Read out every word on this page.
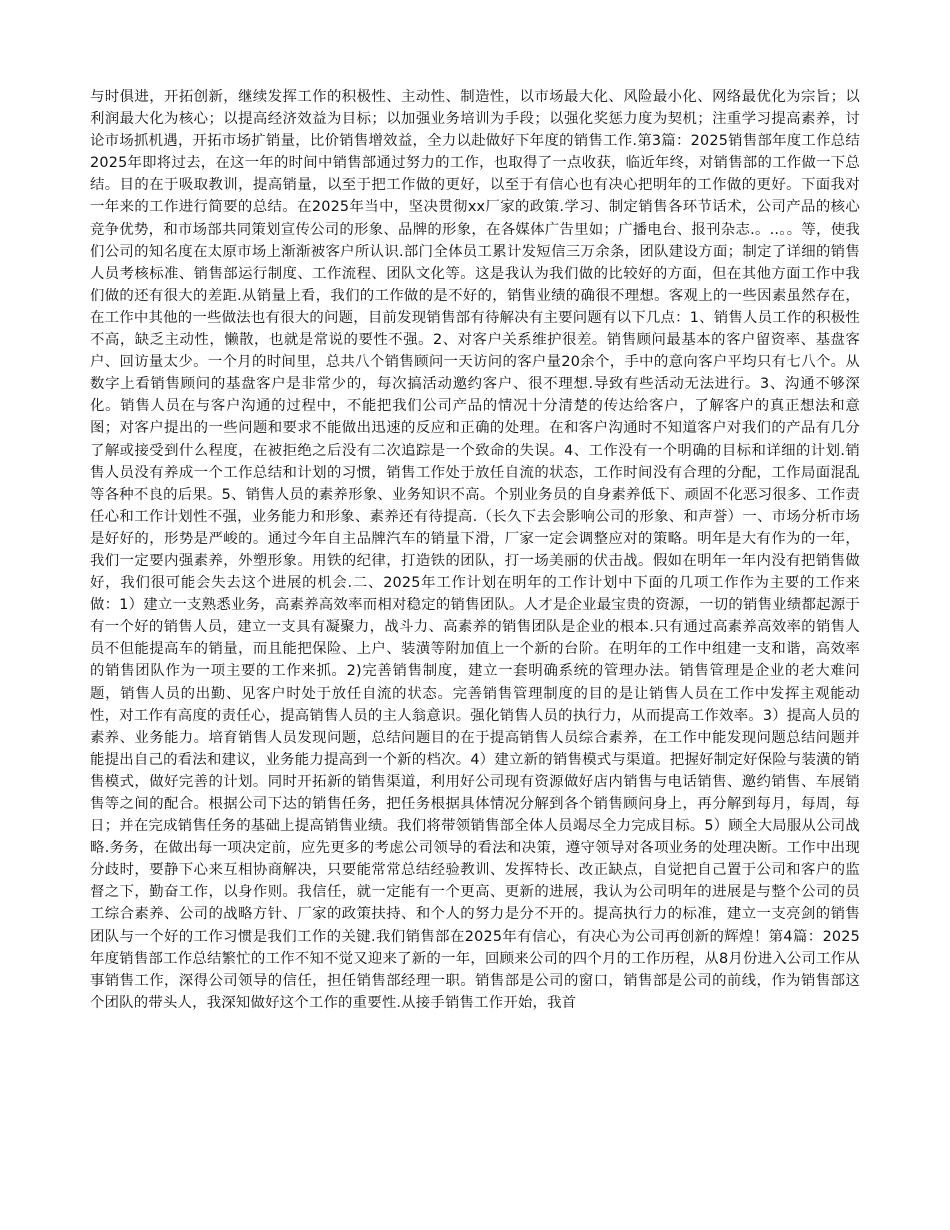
与时俱进，开拓创新，继续发挥工作的积极性、主动性、制造性，以市场最大化、风险最小化、网络最优化为宗旨；以利润最大化为核心；以提高经济效益为目标；以加强业务培训为手段；以强化奖惩力度为契机；注重学习提高素养，讨论市场抓机遇，开拓市场扩销量，比价销售增效益，全力以赴做好下年度的销售工作.第3篇：2025销售部年度工作总结2025年即将过去，在这一年的时间中销售部通过努力的工作，也取得了一点收获，临近年终，对销售部的工作做一下总结。目的在于吸取教训，提高销量，以至于把工作做的更好，以至于有信心也有决心把明年的工作做的更好。下面我对一年来的工作进行简要的总结。在2025年当中，坚决贯彻xx厂家的政策.学习、制定销售各环节话术，公司产品的核心竞争优势，和市场部共同策划宣传公司的形象、品牌的形象，在各媒体广告里如；广播电台、报刊杂志.。..。。等，使我们公司的知名度在太原市场上渐渐被客户所认识.部门全体员工累计发短信三万余条，团队建设方面；制定了详细的销售人员考核标准、销售部运行制度、工作流程、团队文化等。这是我认为我们做的比较好的方面，但在其他方面工作中我们做的还有很大的差距.从销量上看，我们的工作做的是不好的，销售业绩的确很不理想。客观上的一些因素虽然存在，在工作中其他的一些做法也有很大的问题，目前发现销售部有待解决有主要问题有以下几点：1、销售人员工作的积极性不高，缺乏主动性，懒散，也就是常说的要性不强。2、对客户关系维护很差。销售顾问最基本的客户留资率、基盘客户、回访量太少。一个月的时间里，总共八个销售顾问一天访问的客户量20余个，手中的意向客户平均只有七八个。从数字上看销售顾问的基盘客户是非常少的，每次搞活动邀约客户、很不理想.导致有些活动无法进行。3、沟通不够深化。销售人员在与客户沟通的过程中，不能把我们公司产品的情况十分清楚的传达给客户，了解客户的真正想法和意图；对客户提出的一些问题和要求不能做出迅速的反应和正确的处理。在和客户沟通时不知道客户对我们的产品有几分了解或接受到什么程度，在被拒绝之后没有二次追踪是一个致命的失误。4、工作没有一个明确的目标和详细的计划.销售人员没有养成一个工作总结和计划的习惯，销售工作处于放任自流的状态，工作时间没有合理的分配，工作局面混乱等各种不良的后果。5、销售人员的素养形象、业务知识不高。个别业务员的自身素养低下、顽固不化恶习很多、工作责任心和工作计划性不强，业务能力和形象、素养还有待提高.（长久下去会影响公司的形象、和声誉）一、市场分析市场是好好的，形势是严峻的。通过今年自主品牌汽车的销量下滑，厂家一定会调整应对的策略。明年是大有作为的一年，我们一定要内强素养，外塑形象。用铁的纪律，打造铁的团队，打一场美丽的伏击战。假如在明年一年内没有把销售做好，我们很可能会失去这个进展的机会.二、2025年工作计划在明年的工作计划中下面的几项工作作为主要的工作来做：1）建立一支熟悉业务，高素养高效率而相对稳定的销售团队。人才是企业最宝贵的资源，一切的销售业绩都起源于有一个好的销售人员，建立一支具有凝聚力，战斗力、高素养的销售团队是企业的根本.只有通过高素养高效率的销售人员不但能提高车的销量，而且能把保险、上户、装潢等附加值上一个新的台阶。在明年的工作中组建一支和谐，高效率的销售团队作为一项主要的工作来抓。2)完善销售制度，建立一套明确系统的管理办法。销售管理是企业的老大难问题，销售人员的出勤、见客户时处于放任自流的状态。完善销售管理制度的目的是让销售人员在工作中发挥主观能动性，对工作有高度的责任心，提高销售人员的主人翁意识。强化销售人员的执行力，从而提高工作效率。3）提高人员的素养、业务能力。培育销售人员发现问题，总结问题目的在于提高销售人员综合素养，在工作中能发现问题总结问题并能提出自己的看法和建议，业务能力提高到一个新的档次。4）建立新的销售模式与渠道。把握好制定好保险与装潢的销售模式，做好完善的计划。同时开拓新的销售渠道，利用好公司现有资源做好店内销售与电话销售、邀约销售、车展销售等之间的配合。根据公司下达的销售任务，把任务根据具体情况分解到各个销售顾问身上，再分解到每月，每周，每日；并在完成销售任务的基础上提高销售业绩。我们将带领销售部全体人员竭尽全力完成目标。5）顾全大局服从公司战略.务务，在做出每一项决定前，应先更多的考虑公司领导的看法和决策，遵守领导对各项业务的处理决断。工作中出现分歧时，要静下心来互相协商解决，只要能常常总结经验教训、发挥特长、改正缺点，自觉把自己置于公司和客户的监督之下，勤奋工作，以身作则。我信任，就一定能有一个更高、更新的进展，我认为公司明年的进展是与整个公司的员工综合素养、公司的战略方针、厂家的政策扶持、和个人的努力是分不开的。提高执行力的标准，建立一支亮剑的销售团队与一个好的工作习惯是我们工作的关键.我们销售部在2025年有信心，有决心为公司再创新的辉煌！第4篇：2025年度销售部工作总结繁忙的工作不知不觉又迎来了新的一年，回顾来公司的四个月的工作历程，从8月份进入公司工作从事销售工作，深得公司领导的信任，担任销售部经理一职。销售部是公司的窗口，销售部是公司的前线，作为销售部这个团队的带头人，我深知做好这个工作的重要性.从接手销售工作开始，我首
